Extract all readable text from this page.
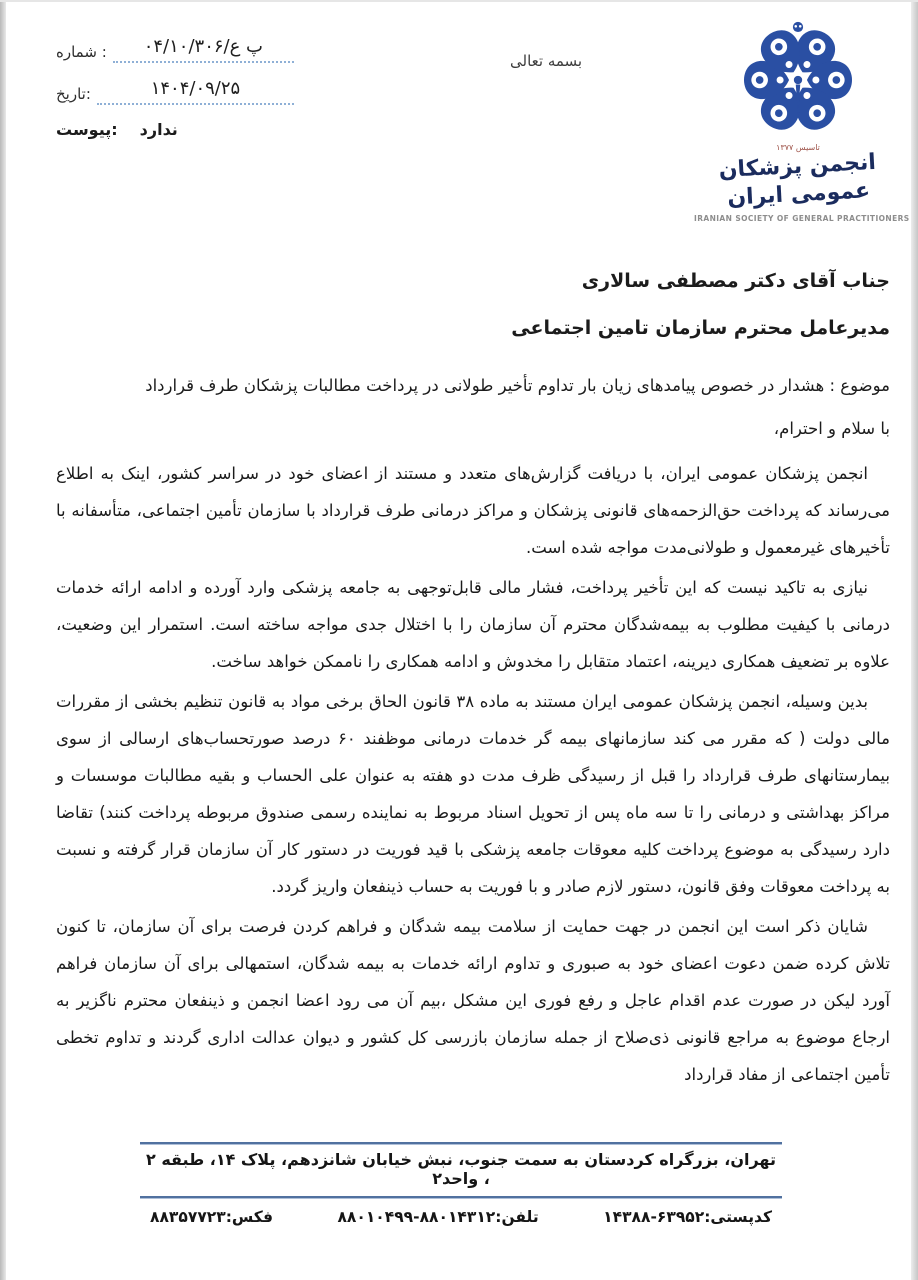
شماره :	۰۴/۱۰/۳۰۶/پ ع
تاریخ:	۱۴۰۴/۰۹/۲۵
پیوست: ندارد
بسمه تعالی
تاسیس ۱۳۷۷
انجمن پزشکان عمومی ایران
IRANIAN SOCIETY OF GENERAL PRACTITIONERS
جناب آقای دکتر مصطفی سالاری
مدیرعامل محترم سازمان تامین اجتماعی
موضوع : هشدار در خصوص پیامدهای زیان بار تداوم تأخیر طولانی در پرداخت مطالبات پزشکان طرف قرارداد
با سلام و احترام،

انجمن پزشکان عمومی ایران، با دریافت گزارش‌های متعدد و مستند از اعضای خود در سراسر کشور، اینک به اطلاع می‌رساند که پرداخت حق‌الزحمه‌های قانونی پزشکان و مراکز درمانی طرف قرارداد با سازمان تأمین اجتماعی، متأسفانه با تأخیرهای غیرمعمول و طولانی‌مدت مواجه شده است.

نیازی به تاکید نیست که این تأخیر پرداخت، فشار مالی قابل‌توجهی به جامعه پزشکی وارد آورده و ادامه ارائه خدمات درمانی با کیفیت مطلوب به بیمه‌شدگان محترم آن سازمان را با اختلال جدی مواجه ساخته است. استمرار این وضعیت، علاوه بر تضعیف همکاری دیرینه، اعتماد متقابل را مخدوش و ادامه همکاری را ناممکن خواهد ساخت.

بدین وسیله، انجمن پزشکان عمومی ایران مستند به ماده ۳۸ قانون الحاق برخی مواد به قانون تنظیم بخشی از مقررات مالی دولت ( که مقرر می کند سازمانهای بیمه گر خدمات درمانی موظفند ۶۰ درصد صورتحساب‌های ارسالی از سوی بیمارستانهای طرف قرارداد را قبل از رسیدگی ظرف مدت دو هفته به عنوان علی الحساب و بقیه مطالبات موسسات و مراکز بهداشتی و درمانی را تا سه ماه پس از تحویل اسناد مربوط به نماینده رسمی صندوق مربوطه پرداخت کنند) تقاضا دارد رسیدگی به موضوع پرداخت کلیه معوقات جامعه پزشکی با قید فوریت در دستور کار آن سازمان قرار گرفته و نسبت به پرداخت معوقات وفق قانون، دستور لازم صادر و با فوریت به حساب ذینفعان واریز گردد.

شایان ذکر است این انجمن در جهت حمایت از سلامت بیمه شدگان و فراهم کردن فرصت برای آن سازمان، تا کنون تلاش کرده ضمن دعوت اعضای خود به صبوری و تداوم ارائه خدمات به بیمه شدگان، استمهالی برای آن سازمان فراهم آورد لیکن در صورت عدم اقدام عاجل و رفع فوری این مشکل ،بیم آن می رود اعضا انجمن و ذینفعان محترم ناگزیر به ارجاع موضوع به مراجع قانونی ذی‌صلاح از جمله سازمان بازرسی کل کشور و دیوان عدالت اداری گردند و تداوم تخطی تأمین اجتماعی از مفاد قرارداد

تهران، بزرگراه کردستان به سمت جنوب، نبش خیابان شانزدهم، پلاک ۱۴، طبقه ۲ ، واحد۲
کدپستی:۶۳۹۵۲-۱۴۳۸۸
تلفن:۸۸۰۱۴۳۱۲-۸۸۰۱۰۴۹۹
فکس:۸۸۳۵۷۷۲۳
